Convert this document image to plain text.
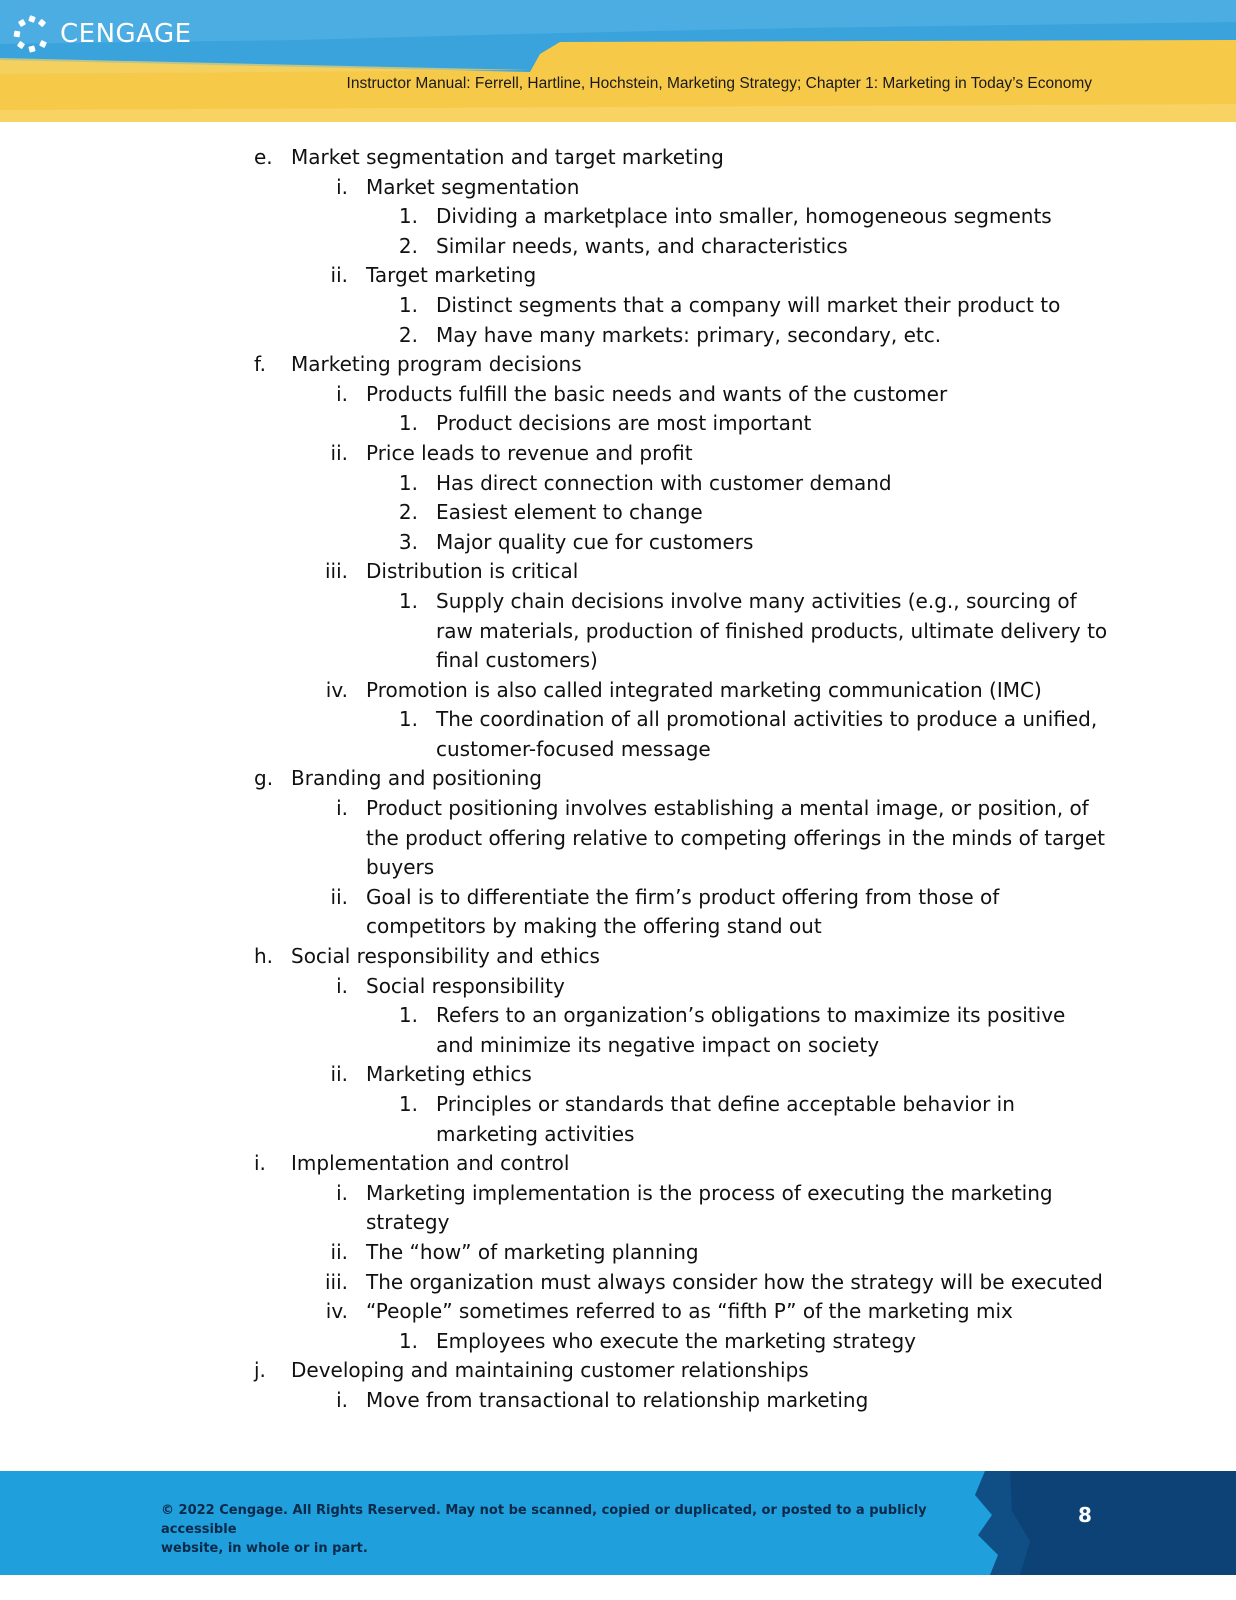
CENGAGE
Instructor Manual: Ferrell, Hartline, Hochstein, Marketing Strategy; Chapter 1: Marketing in Today’s Economy
e. Market segmentation and target marketing
i. Market segmentation
1. Dividing a marketplace into smaller, homogeneous segments
2. Similar needs, wants, and characteristics
ii. Target marketing
1. Distinct segments that a company will market their product to
2. May have many markets: primary, secondary, etc.
f.	Marketing program decisions
i. Products fulfill the basic needs and wants of the customer
1. Product decisions are most important
ii. Price leads to revenue and profit
1. Has direct connection with customer demand
2. Easiest element to change
3. Major quality cue for customers
iii. Distribution is critical
1. Supply chain decisions involve many activities (e.g., sourcing of
raw materials, production of finished products, ultimate delivery to
final customers)
iv. Promotion is also called integrated marketing communication (IMC)
1. The coordination of all promotional activities to produce a unified,
customer-focused message
g. Branding and positioning
i. Product positioning involves establishing a mental image, or position, of
the product offering relative to competing offerings in the minds of target
buyers
ii. Goal is to differentiate the firm’s product offering from those of
competitors by making the offering stand out
h. Social responsibility and ethics
i. Social responsibility
1. Refers to an organization’s obligations to maximize its positive
and minimize its negative impact on society
ii. Marketing ethics
1. Principles or standards that define acceptable behavior in
marketing activities
i.	Implementation and control
i. Marketing implementation is the process of executing the marketing
strategy
ii. The “how” of marketing planning
iii. The organization must always consider how the strategy will be executed
iv. “People” sometimes referred to as “fifth P” of the marketing mix
1. Employees who execute the marketing strategy
j.	Developing and maintaining customer relationships
i. Move from transactional to relationship marketing
© 2022 Cengage. All Rights Reserved. May not be scanned, copied or duplicated, or posted to a publicly accessible
website, in whole or in part.
8
